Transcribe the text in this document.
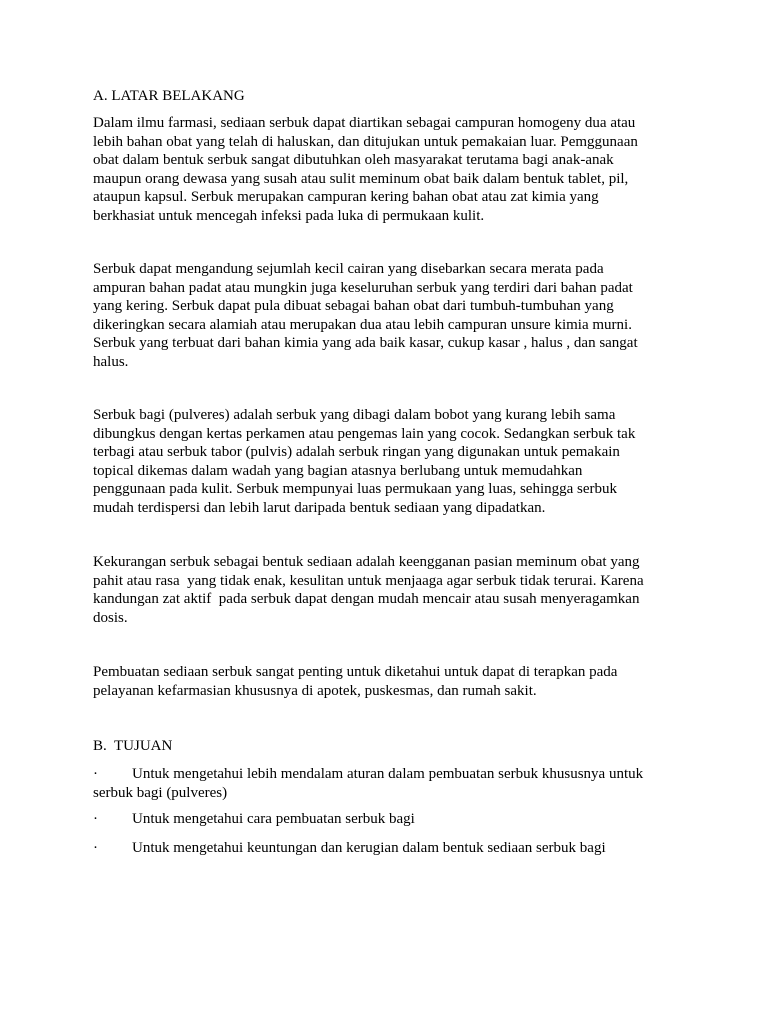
A. LATAR BELAKANG
Dalam ilmu farmasi, sediaan serbuk dapat diartikan sebagai campuran homogeny dua atau
lebih bahan obat yang telah di haluskan, dan ditujukan untuk pemakaian luar. Pemggunaan
obat dalam bentuk serbuk sangat dibutuhkan oleh masyarakat terutama bagi anak-anak
maupun orang dewasa yang susah atau sulit meminum obat baik dalam bentuk tablet, pil,
ataupun kapsul. Serbuk merupakan campuran kering bahan obat atau zat kimia yang
berkhasiat untuk mencegah infeksi pada luka di permukaan kulit.
Serbuk dapat mengandung sejumlah kecil cairan yang disebarkan secara merata pada
ampuran bahan padat atau mungkin juga keseluruhan serbuk yang terdiri dari bahan padat
yang kering. Serbuk dapat pula dibuat sebagai bahan obat dari tumbuh-tumbuhan yang
dikeringkan secara alamiah atau merupakan dua atau lebih campuran unsure kimia murni.
Serbuk yang terbuat dari bahan kimia yang ada baik kasar, cukup kasar , halus , dan sangat
halus.
Serbuk bagi (pulveres) adalah serbuk yang dibagi dalam bobot yang kurang lebih sama
dibungkus dengan kertas perkamen atau pengemas lain yang cocok. Sedangkan serbuk tak
terbagi atau serbuk tabor (pulvis) adalah serbuk ringan yang digunakan untuk pemakain
topical dikemas dalam wadah yang bagian atasnya berlubang untuk memudahkan
penggunaan pada kulit. Serbuk mempunyai luas permukaan yang luas, sehingga serbuk
mudah terdispersi dan lebih larut daripada bentuk sediaan yang dipadatkan.
Kekurangan serbuk sebagai bentuk sediaan adalah keengganan pasian meminum obat yang
pahit atau rasa  yang tidak enak, kesulitan untuk menjaaga agar serbuk tidak terurai. Karena
kandungan zat aktif  pada serbuk dapat dengan mudah mencair atau susah menyeragamkan
dosis.
Pembuatan sediaan serbuk sangat penting untuk diketahui untuk dapat di terapkan pada
pelayanan kefarmasian khususnya di apotek, puskesmas, dan rumah sakit.
B.  TUJUAN
· Untuk mengetahui lebih mendalam aturan dalam pembuatan serbuk khususnya untuk
serbuk bagi (pulveres)
· Untuk mengetahui cara pembuatan serbuk bagi
· Untuk mengetahui keuntungan dan kerugian dalam bentuk sediaan serbuk bagi
